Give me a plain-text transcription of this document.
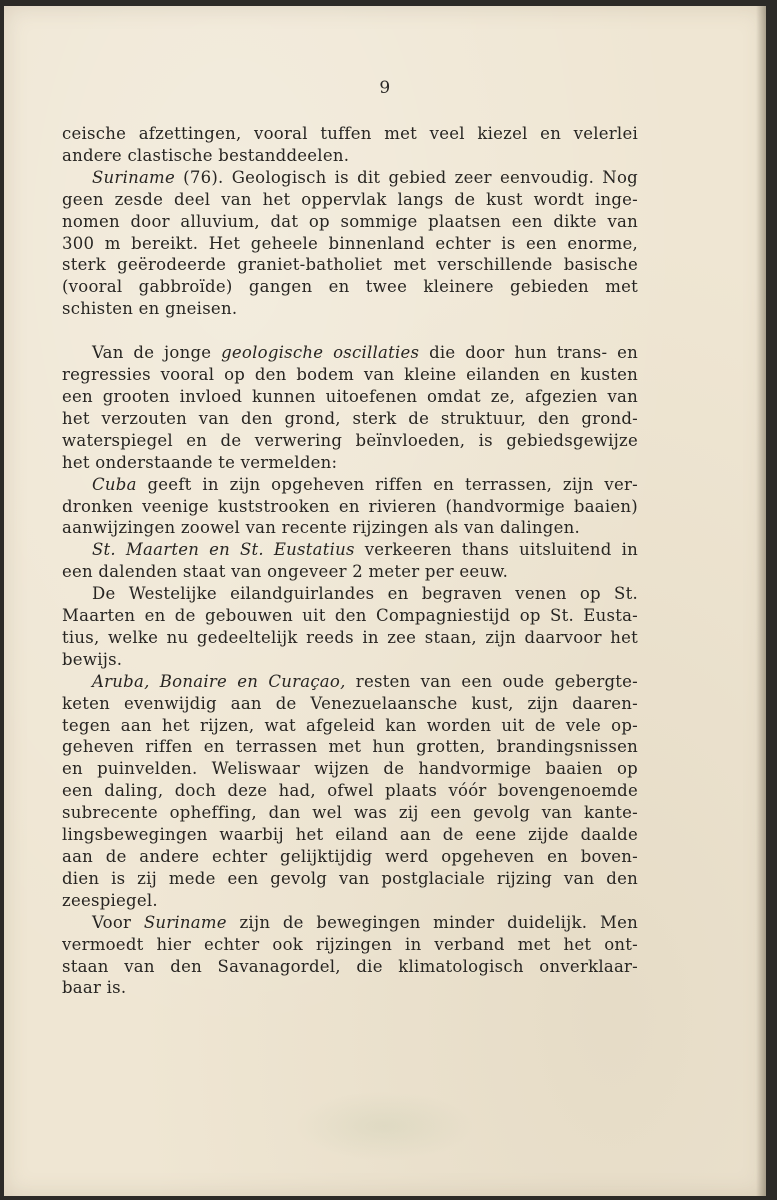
9
ceische afzettingen, vooral tuffen met veel kiezel en velerlei
andere clastische bestanddeelen.
Suriname (76). Geologisch is dit gebied zeer eenvoudig. Nog
geen zesde deel van het oppervlak langs de kust wordt inge-
nomen door alluvium, dat op sommige plaatsen een dikte van
300 m bereikt. Het geheele binnenland echter is een enorme,
sterk geërodeerde graniet-batholiet met verschillende basische
(vooral gabbroïde) gangen en twee kleinere gebieden met
schisten en gneisen.
Van de jonge geologische oscillaties die door hun trans- en
regressies vooral op den bodem van kleine eilanden en kusten
een grooten invloed kunnen uitoefenen omdat ze, afgezien van
het verzouten van den grond, sterk de struktuur, den grond-
waterspiegel en de verwering beïnvloeden, is gebiedsgewijze
het onderstaande te vermelden:
Cuba geeft in zijn opgeheven riffen en terrassen, zijn ver-
dronken veenige kuststrooken en rivieren (handvormige baaien)
aanwijzingen zoowel van recente rijzingen als van dalingen.
St. Maarten en St. Eustatius verkeeren thans uitsluitend in
een dalenden staat van ongeveer 2 meter per eeuw.
De Westelijke eilandguirlandes en begraven venen op St.
Maarten en de gebouwen uit den Compagniestijd op St. Eusta-
tius, welke nu gedeeltelijk reeds in zee staan, zijn daarvoor het
bewijs.
Aruba, Bonaire en Curaçao, resten van een oude gebergte-
keten evenwijdig aan de Venezuelaansche kust, zijn daaren-
tegen aan het rijzen, wat afgeleid kan worden uit de vele op-
geheven riffen en terrassen met hun grotten, brandingsnissen
en puinvelden. Weliswaar wijzen de handvormige baaien op
een daling, doch deze had, ofwel plaats vóór bovengenoemde
subrecente opheffing, dan wel was zij een gevolg van kante-
lingsbewegingen waarbij het eiland aan de eene zijde daalde
aan de andere echter gelijktijdig werd opgeheven en boven-
dien is zij mede een gevolg van postglaciale rijzing van den
zeespiegel.
Voor Suriname zijn de bewegingen minder duidelijk. Men
vermoedt hier echter ook rijzingen in verband met het ont-
staan van den Savanagordel, die klimatologisch onverklaar-
baar is.
